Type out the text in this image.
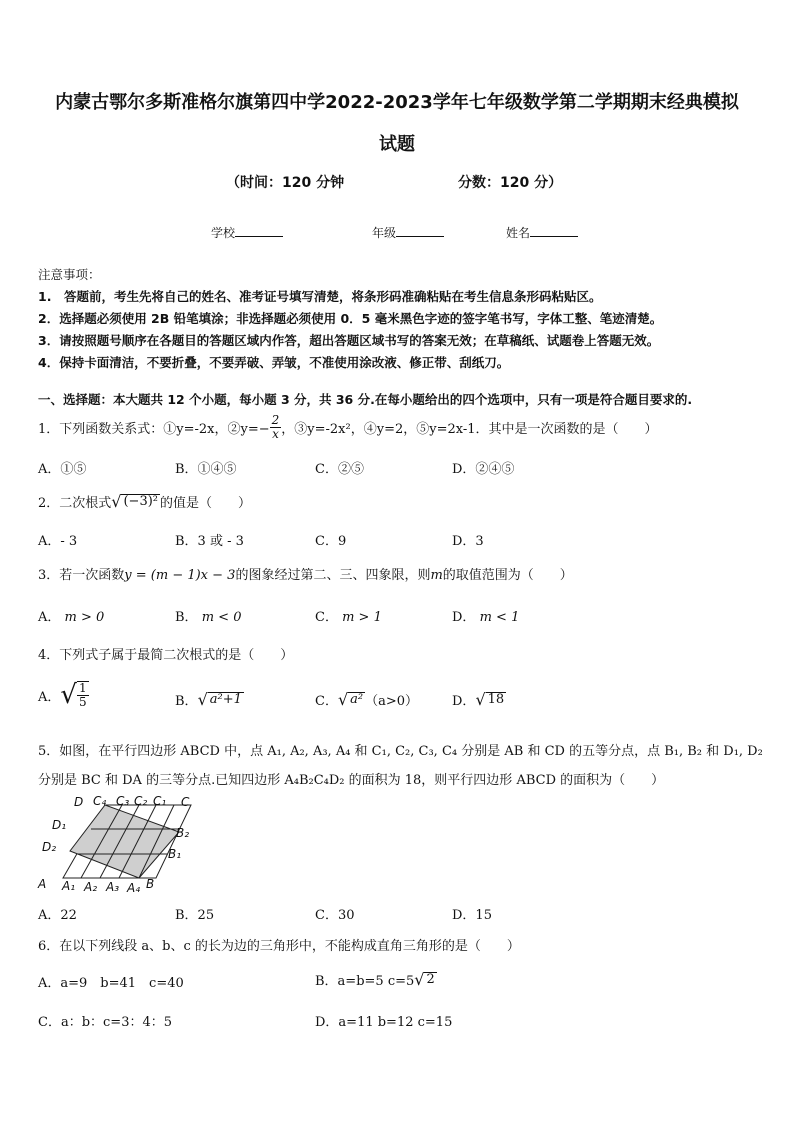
内蒙古鄂尔多斯准格尔旗第四中学2022-2023学年七年级数学第二学期期末经典模拟
试题
（时间：120 分钟	分数：120 分）
学校	年级	姓名
注意事项：
1.　答题前，考生先将自己的姓名、准考证号填写清楚，将条形码准确粘贴在考生信息条形码粘贴区。
2．选择题必须使用 2B 铅笔填涂；非选择题必须使用 0．5 毫米黑色字迹的签字笔书写，字体工整、笔迹清楚。
3．请按照题号顺序在各题目的答题区域内作答，超出答题区域书写的答案无效；在草稿纸、试题卷上答题无效。
4．保持卡面清洁，不要折叠，不要弄破、弄皱，不准使用涂改液、修正带、刮纸刀。
一、选择题：本大题共 12 个小题，每小题 3 分，共 36 分.在每小题给出的四个选项中，只有一项是符合题目要求的.
1．下列函数关系式：①y=-2x，②y=− $\frac{2}{x}$ ，③y=-2x²，④y=2，⑤y=2x-1．其中是一次函数的是（　　）
A．①⑤	B．①④⑤	C．②⑤	D．②④⑤
2．二次根式 √ (−3)² 的值是（　　）
A．- 3	B．3 或 - 3	C．9	D．3
3．若一次函数y = (m − 1)x − 3的图象经过第二、三、四象限，则m的取值范围为（　　）
A． m > 0	B． m < 0	C． m > 1	D． m < 1
4．下列式子属于最简二次根式的是（　　）
A． √ $\frac{1}{5}$	B． √ a²+1	C． √ a² （a>0）	D． √ 18
5．如图，在平行四边形 ABCD 中，点 A₁, A₂, A₃, A₄ 和 C₁, C₂, C₃, C₄ 分别是 AB 和 CD 的五等分点，点 B₁, B₂ 和 D₁, D₂
分别是 BC 和 DA 的三等分点.已知四边形 A₄B₂C₄D₂ 的面积为 18，则平行四边形 ABCD 的面积为（　　）
D C₄ C₃ C₂ C₁ C
D₁
D₂
B₂
B₁
A A₁ A₂ A₃ A₄ B
A．22	B．25	C．30	D．15
6．在以下列线段 a、b、c 的长为边的三角形中，不能构成直角三角形的是（　　）
A．a=9　b=41　c=40	B．a=b=5 c=5 √ 2
C．a：b：c=3：4：5	D．a=11 b=12 c=15
